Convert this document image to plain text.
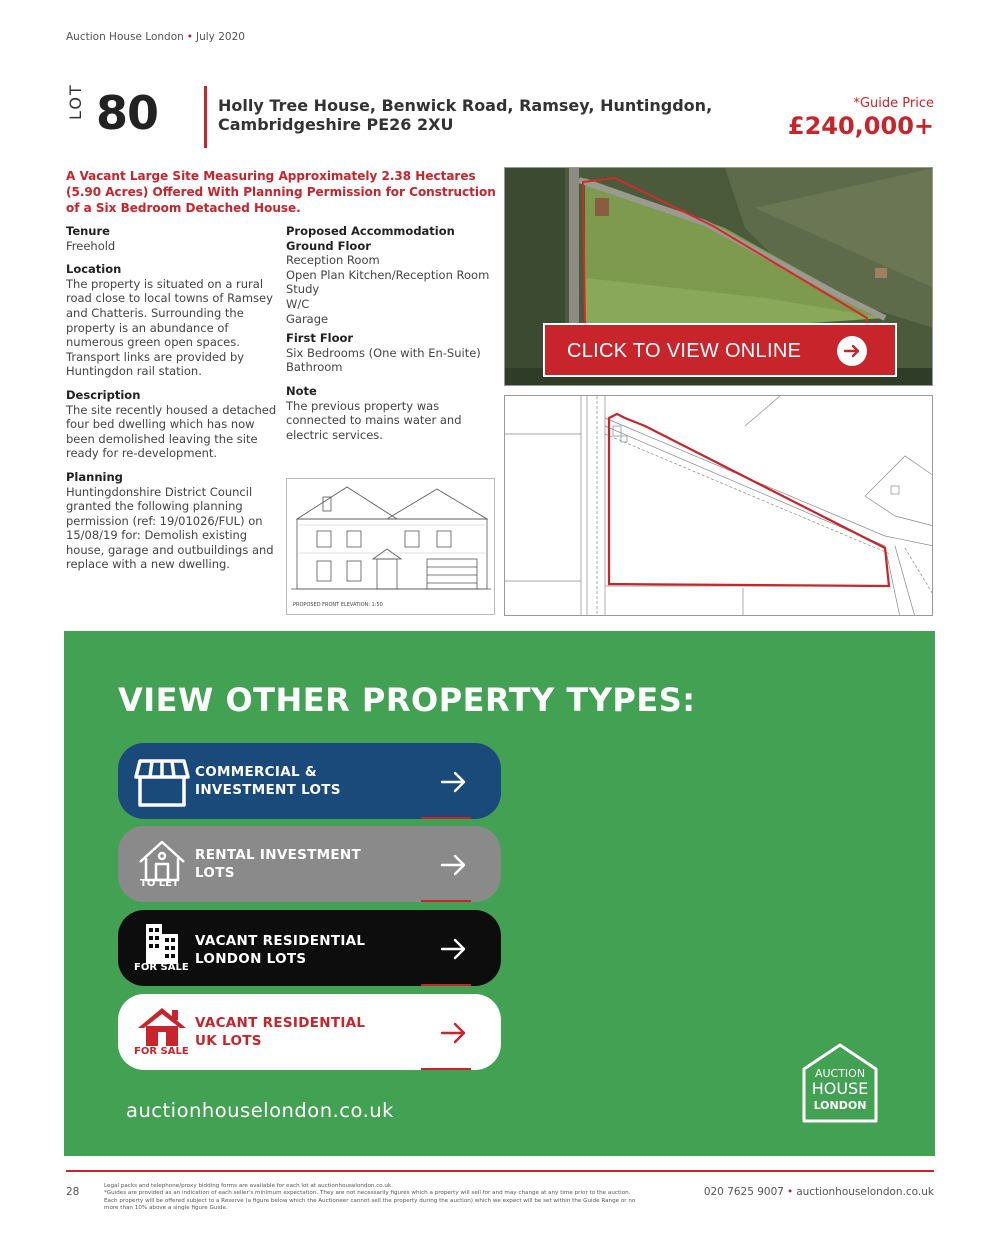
Auction House London • July 2020
LOT 80	Holly Tree House, Benwick Road, Ramsey, Huntingdon, Cambridgeshire PE26 2XU
*Guide Price
£240,000+
A Vacant Large Site Measuring Approximately 2.38 Hectares (5.90 Acres) Offered With Planning Permission for Construction of a Six Bedroom Detached House.
Tenure
Freehold
Location
The property is situated on a rural road close to local towns of Ramsey and Chatteris. Surrounding the property is an abundance of numerous green open spaces. Transport links are provided by Huntingdon rail station.
Description
The site recently housed a detached four bed dwelling which has now been demolished leaving the site ready for re-development.
Planning
Huntingdonshire District Council granted the following planning permission (ref: 19/01026/FUL) on 15/08/19 for: Demolish existing house, garage and outbuildings and replace with a new dwelling.
Proposed Accommodation
Ground Floor
Reception Room
Open Plan Kitchen/Reception Room
Study
W/C
Garage
First Floor
Six Bedrooms (One with En-Suite)
Bathroom
Note
The previous property was connected to mains water and electric services.
PROPOSED FRONT ELEVATION: 1:50
CLICK TO VIEW ONLINE
VIEW OTHER PROPERTY TYPES:
COMMERCIAL &
INVESTMENT LOTS
TO LET
RENTAL INVESTMENT
LOTS
FOR SALE
VACANT RESIDENTIAL
LONDON LOTS
FOR SALE
VACANT RESIDENTIAL
UK LOTS
auctionhouselondon.co.uk
AUCTION
HOUSE
LONDON
28	Legal packs and telephone/proxy bidding forms are available for each lot at auctionhouselondon.co.uk.
*Guides are provided as an indication of each seller's minimum expectation. They are not necessarily figures which a property will sell for and may change at any time prior to the auction. Each property will be offered subject to a Reserve (a figure below which the Auctioneer cannot sell the property during the auction) which we expect will be set within the Guide Range or no more than 10% above a single figure Guide.
020 7625 9007 • auctionhouselondon.co.uk
